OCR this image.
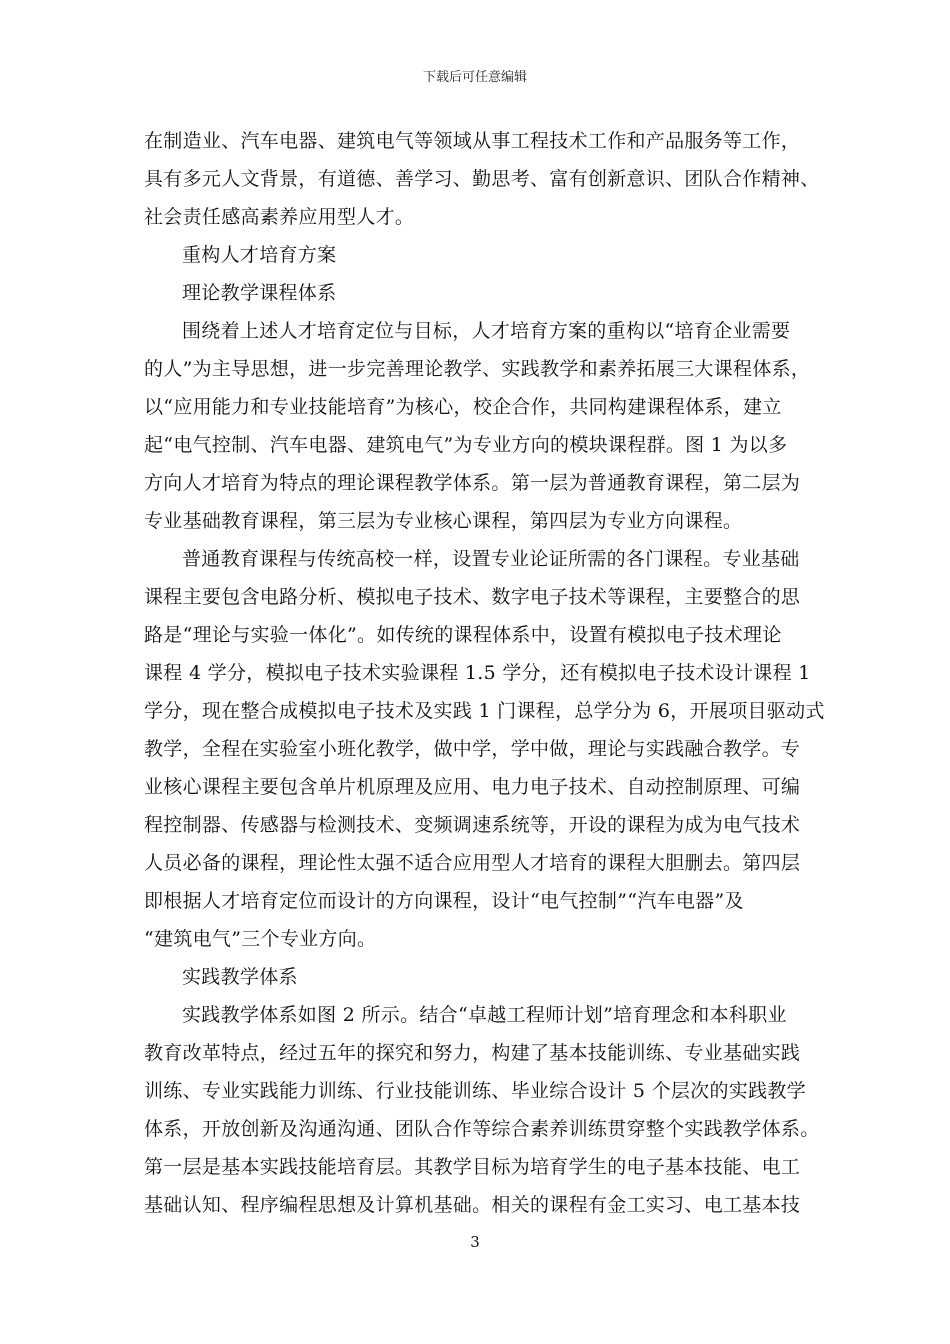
下载后可任意编辑
在制造业、汽车电器、建筑电气等领域从事工程技术工作和产品服务等工作，
具有多元人文背景，有道德、善学习、勤思考、富有创新意识、团队合作精神、
社会责任感高素养应用型人才。
重构人才培育方案
理论教学课程体系
围绕着上述人才培育定位与目标，人才培育方案的重构以“培育企业需要
的人”为主导思想，进一步完善理论教学、实践教学和素养拓展三大课程体系，
以“应用能力和专业技能培育”为核心，校企合作，共同构建课程体系，建立
起“电气控制、汽车电器、建筑电气”为专业方向的模块课程群。图 1 为以多
方向人才培育为特点的理论课程教学体系。第一层为普通教育课程，第二层为
专业基础教育课程，第三层为专业核心课程，第四层为专业方向课程。
普通教育课程与传统高校一样，设置专业论证所需的各门课程。专业基础
课程主要包含电路分析、模拟电子技术、数字电子技术等课程，主要整合的思
路是“理论与实验一体化”。如传统的课程体系中，设置有模拟电子技术理论
课程 4 学分，模拟电子技术实验课程 1.5 学分，还有模拟电子技术设计课程 1
学分，现在整合成模拟电子技术及实践 1 门课程，总学分为 6，开展项目驱动式
教学，全程在实验室小班化教学，做中学，学中做，理论与实践融合教学。专
业核心课程主要包含单片机原理及应用、电力电子技术、自动控制原理、可编
程控制器、传感器与检测技术、变频调速系统等，开设的课程为成为电气技术
人员必备的课程，理论性太强不适合应用型人才培育的课程大胆删去。第四层
即根据人才培育定位而设计的方向课程，设计“电气控制”“汽车电器”及
“建筑电气”三个专业方向。
实践教学体系
实践教学体系如图 2 所示。结合“卓越工程师计划”培育理念和本科职业
教育改革特点，经过五年的探究和努力，构建了基本技能训练、专业基础实践
训练、专业实践能力训练、行业技能训练、毕业综合设计 5 个层次的实践教学
体系，开放创新及沟通沟通、团队合作等综合素养训练贯穿整个实践教学体系。
第一层是基本实践技能培育层。其教学目标为培育学生的电子基本技能、电工
基础认知、程序编程思想及计算机基础。相关的课程有金工实习、电工基本技
3
